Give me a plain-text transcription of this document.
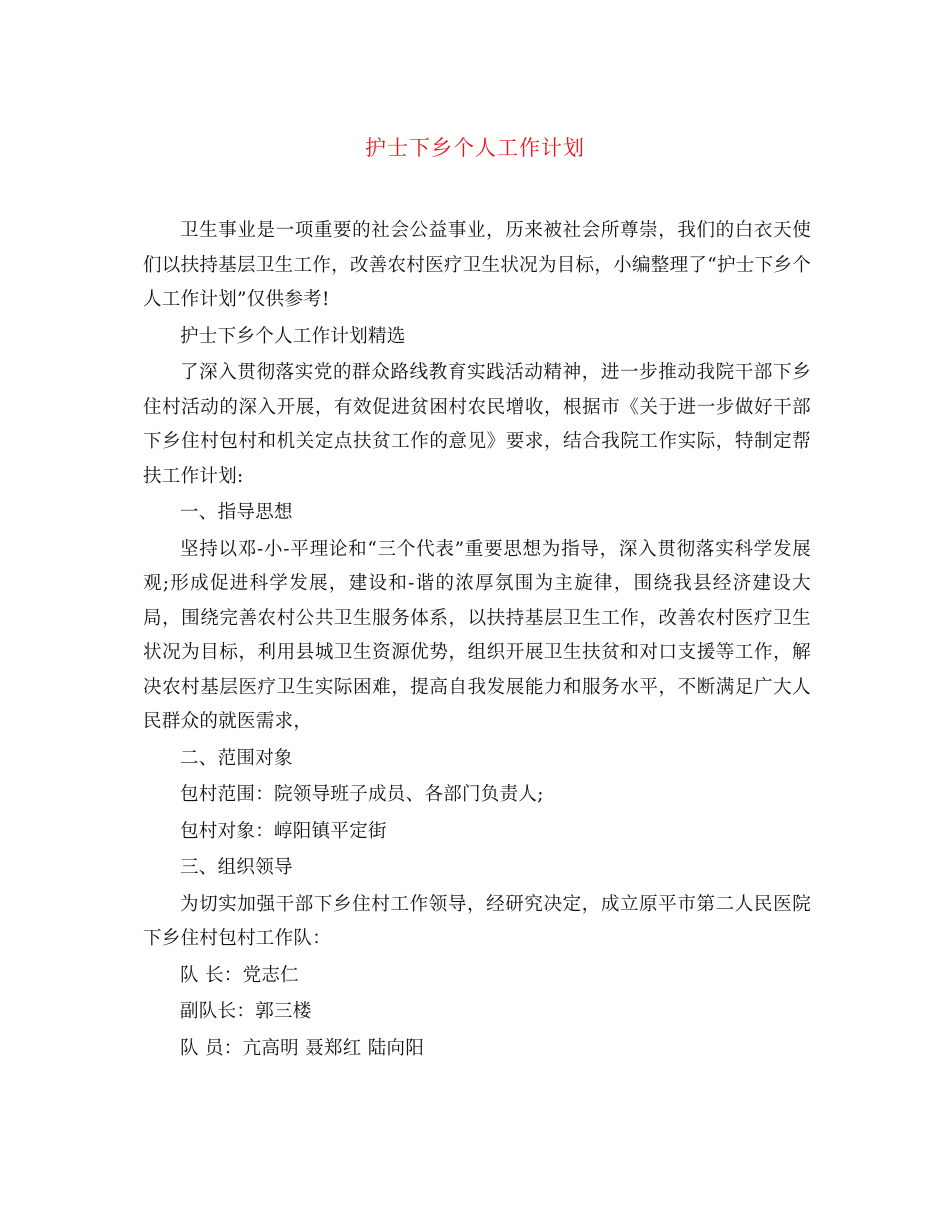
护士下乡个人工作计划

卫生事业是一项重要的社会公益事业，历来被社会所尊崇，我们的白衣天使们以扶持基层卫生工作，改善农村医疗卫生状况为目标，小编整理了“护士下乡个人工作计划”仅供参考!

护士下乡个人工作计划精选

了深入贯彻落实党的群众路线教育实践活动精神，进一步推动我院干部下乡住村活动的深入开展，有效促进贫困村农民增收，根据市《关于进一步做好干部下乡住村包村和机关定点扶贫工作的意见》要求，结合我院工作实际，特制定帮扶工作计划:

一、指导思想

坚持以邓-小-平理论和“三个代表”重要思想为指导，深入贯彻落实科学发展观;形成促进科学发展，建设和-谐的浓厚氛围为主旋律，围绕我县经济建设大局，围绕完善农村公共卫生服务体系，以扶持基层卫生工作，改善农村医疗卫生状况为目标，利用县城卫生资源优势，组织开展卫生扶贫和对口支援等工作，解决农村基层医疗卫生实际困难，提高自我发展能力和服务水平，不断满足广大人民群众的就医需求，

二、范围对象

包村范围：院领导班子成员、各部门负责人;

包村对象：崞阳镇平定街

三、组织领导

为切实加强干部下乡住村工作领导，经研究决定，成立原平市第二人民医院下乡住村包村工作队：

队 长：党志仁

副队长：郭三楼

队 员：亢高明 聂郑红 陆向阳
